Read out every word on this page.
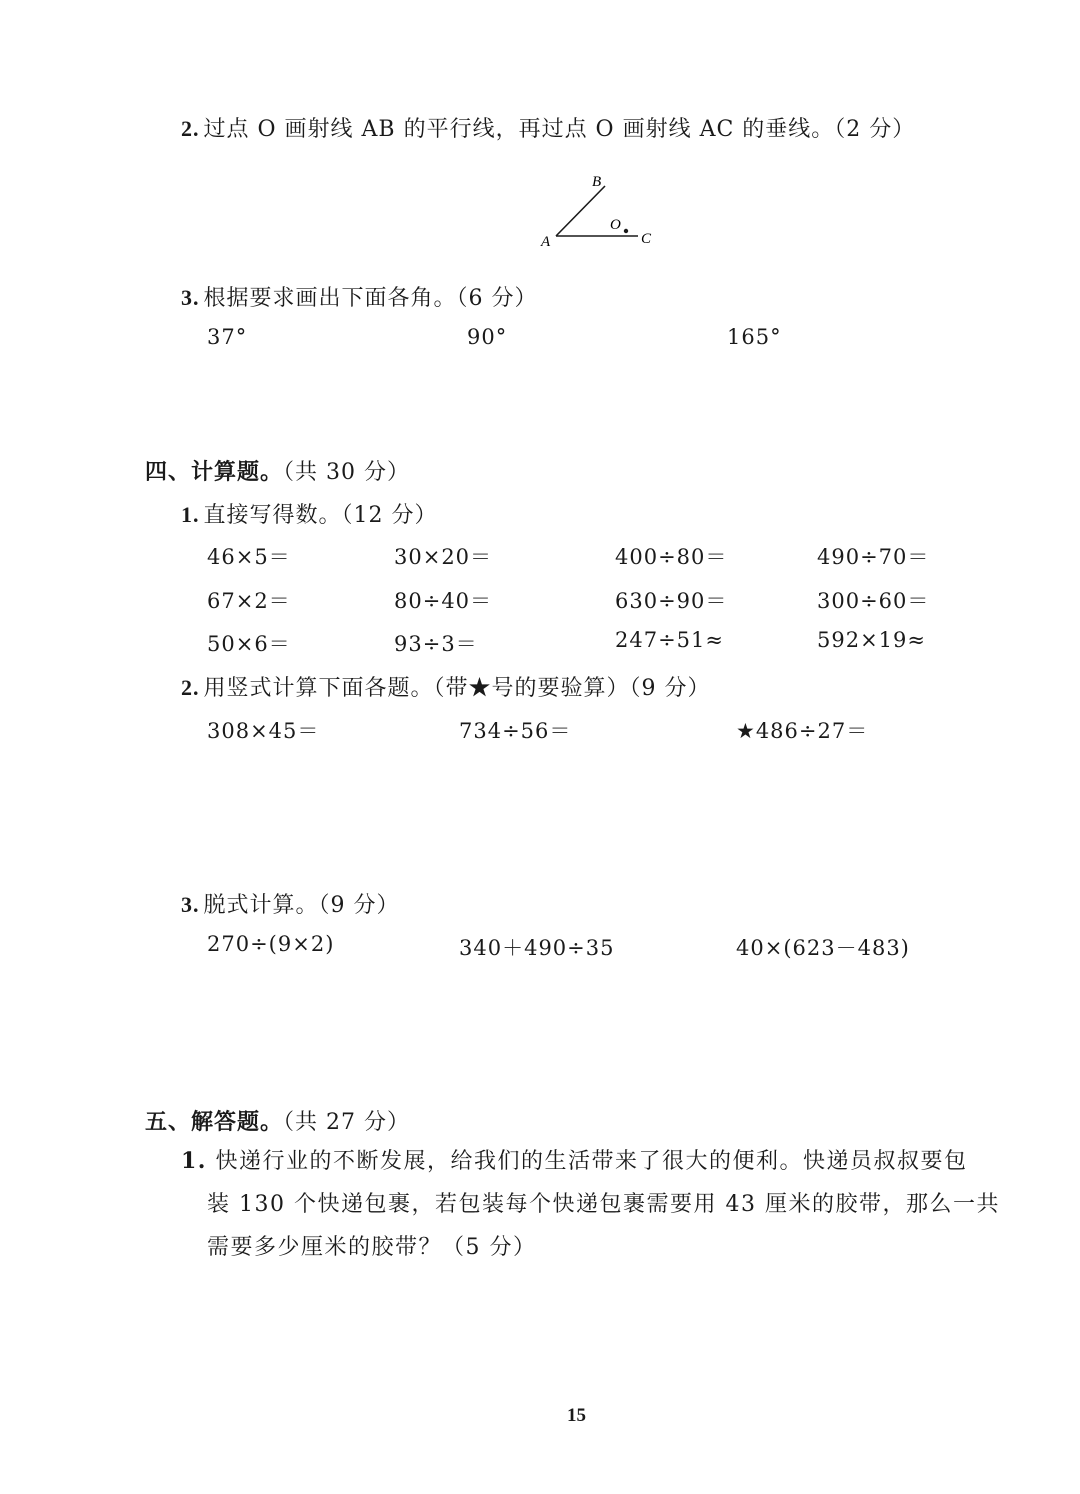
2. 过点 O 画射线 AB 的平行线，再过点 O 画射线 AC 的垂线。（2 分）
B
A	C
O
3. 根据要求画出下面各角。（6 分）
37°	90°	165°
四、计算题。（共 30 分）
1. 直接写得数。（12 分）
46×5＝	30×20＝	400÷80＝	490÷70＝
67×2＝	80÷40＝	630÷90＝	300÷60＝
50×6＝	93÷3＝	247÷51≈	592×19≈
2. 用竖式计算下面各题。（带★号的要验算）（9 分）
308×45＝	734÷56＝	★486÷27＝
3. 脱式计算。（9 分）
270÷(9×2)	340＋490÷35	40×(623－483)
五、解答题。（共 27 分）
1. 快递行业的不断发展，给我们的生活带来了很大的便利。快递员叔叔要包
装 130 个快递包裹，若包装每个快递包裹需要用 43 厘米的胶带，那么一共
需要多少厘米的胶带？（5 分）
15
